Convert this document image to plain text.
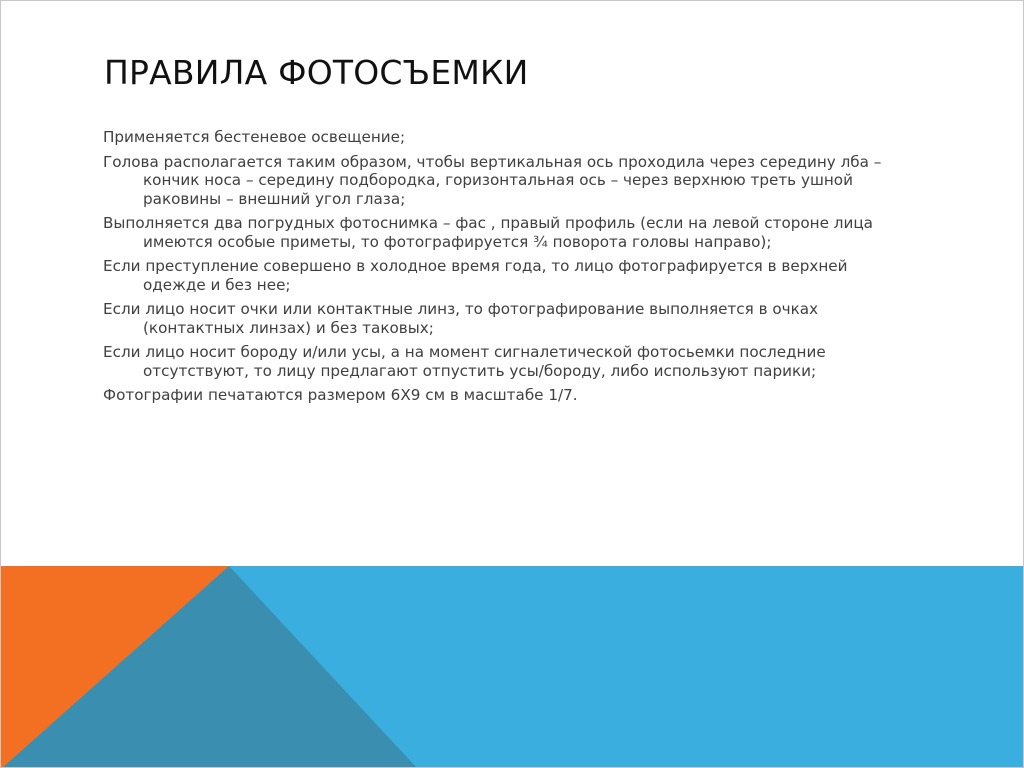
ПРАВИЛА ФОТОСЪЕМКИ
Применяется бестеневое освещение;
Голова располагается таким образом, чтобы вертикальная ось проходила через середину лба – кончик носа – середину подбородка, горизонтальная ось – через верхнюю треть ушной раковины – внешний угол глаза;
Выполняется два погрудных фотоснимка – фас , правый профиль (если на левой стороне лица имеются особые приметы, то фотографируется ¾ поворота головы направо);
Если преступление совершено в холодное время года, то лицо фотографируется в верхней одежде и без нее;
Если лицо носит очки или контактные линз, то фотографирование выполняется в очках (контактных линзах) и без таковых;
Если лицо носит бороду и/или усы, а на момент сигналетической фотосьемки последние отсутствуют, то лицу предлагают отпустить усы/бороду, либо используют парики;
Фотографии печатаются размером 6Х9 см в масштабе 1/7.
